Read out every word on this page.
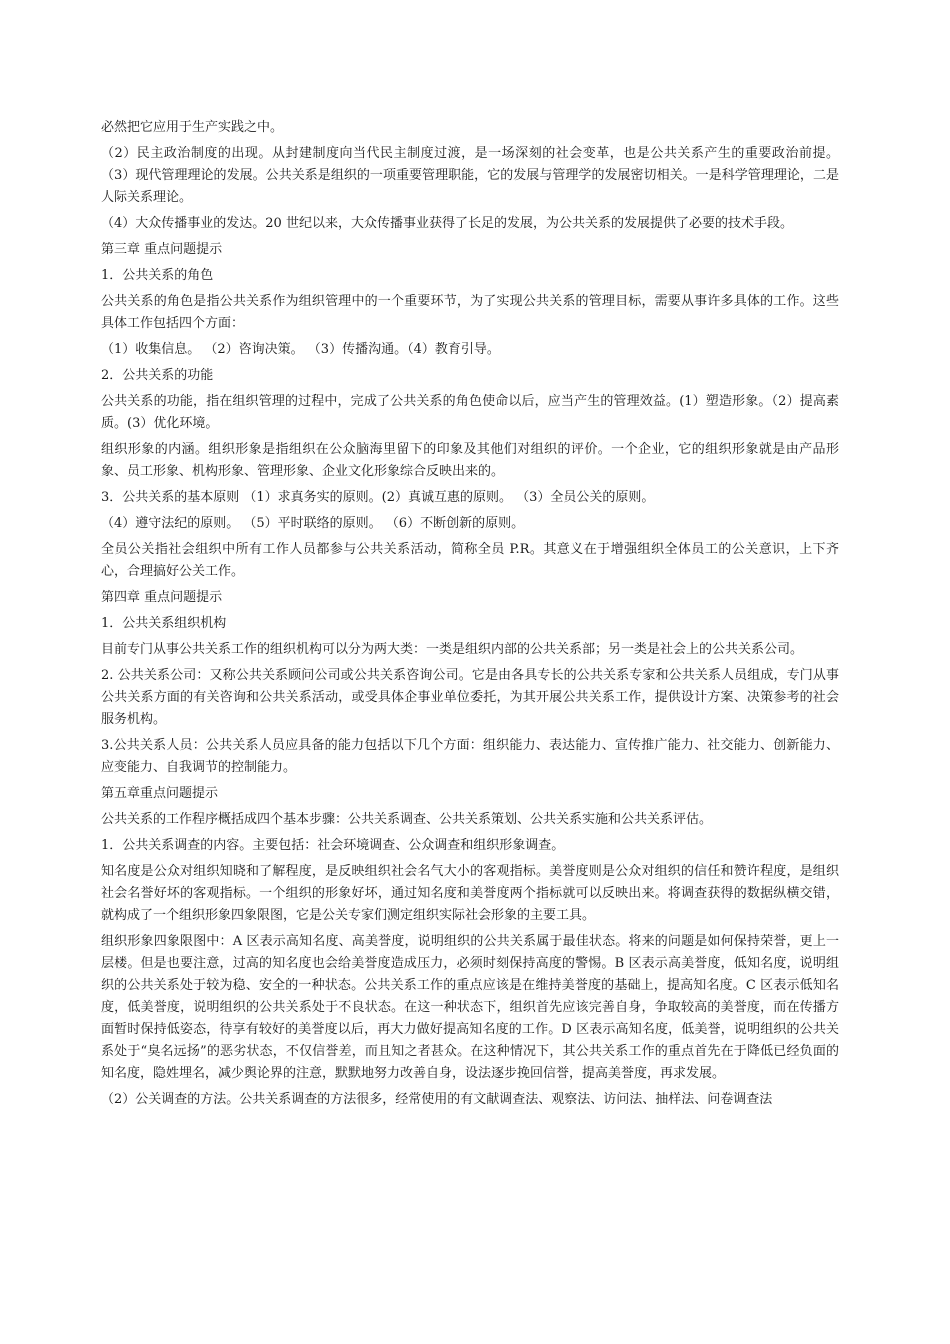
必然把它应用于生产实践之中。

（2）民主政治制度的出现。从封建制度向当代民主制度过渡，是一场深刻的社会变革，也是公共关系产生的重要政治前提。 （3）现代管理理论的发展。公共关系是组织的一项重要管理职能，它的发展与管理学的发展密切相关。一是科学管理理论，二是人际关系理论。

（4）大众传播事业的发达。20 世纪以来，大众传播事业获得了长足的发展，为公共关系的发展提供了必要的技术手段。

第三章 重点问题提示

1．公共关系的角色

公共关系的角色是指公共关系作为组织管理中的一个重要环节，为了实现公共关系的管理目标，需要从事许多具体的工作。这些具体工作包括四个方面：

（1）收集信息。 （2）咨询决策。 （3）传播沟通。（4）教育引导。

2．公共关系的功能

公共关系的功能，指在组织管理的过程中，完成了公共关系的角色使命以后，应当产生的管理效益。(1）塑造形象。（2）提高素质。(3）优化环境。

组织形象的内涵。组织形象是指组织在公众脑海里留下的印象及其他们对组织的评价。一个企业，它的组织形象就是由产品形象、员工形象、机构形象、管理形象、企业文化形象综合反映出来的。

3．公共关系的基本原则 （1）求真务实的原则。(2）真诚互惠的原则。 （3）全员公关的原则。

（4）遵守法纪的原则。 （5）平时联络的原则。 （6）不断创新的原则。

全员公关指社会组织中所有工作人员都参与公共关系活动，简称全员 P.R。其意义在于增强组织全体员工的公关意识，上下齐心，合理搞好公关工作。

第四章 重点问题提示

1．公共关系组织机构

目前专门从事公共关系工作的组织机构可以分为两大类：一类是组织内部的公共关系部；另一类是社会上的公共关系公司。

2. 公共关系公司：又称公共关系顾问公司或公共关系咨询公司。它是由各具专长的公共关系专家和公共关系人员组成，专门从事公共关系方面的有关咨询和公共关系活动，或受具体企事业单位委托，为其开展公共关系工作，提供设计方案、决策参考的社会服务机构。

3.公共关系人员：公共关系人员应具备的能力包括以下几个方面：组织能力、表达能力、宣传推广能力、社交能力、创新能力、应变能力、自我调节的控制能力。

第五章重点问题提示

公共关系的工作程序概括成四个基本步骤：公共关系调查、公共关系策划、公共关系实施和公共关系评估。

1．公共关系调查的内容。主要包括：社会环境调查、公众调查和组织形象调查。

知名度是公众对组织知晓和了解程度，是反映组织社会名气大小的客观指标。美誉度则是公众对组织的信任和赞许程度，是组织社会名誉好坏的客观指标。一个组织的形象好坏，通过知名度和美誉度两个指标就可以反映出来。将调查获得的数据纵横交错，就构成了一个组织形象四象限图，它是公关专家们测定组织实际社会形象的主要工具。

组织形象四象限图中：A 区表示高知名度、高美誉度，说明组织的公共关系属于最佳状态。将来的问题是如何保持荣誉，更上一层楼。但是也要注意，过高的知名度也会给美誉度造成压力，必须时刻保持高度的警惕。B 区表示高美誉度，低知名度，说明组织的公共关系处于较为稳、安全的一种状态。公共关系工作的重点应该是在维持美誉度的基础上，提高知名度。C 区表示低知名度，低美誉度，说明组织的公共关系处于不良状态。在这一种状态下，组织首先应该完善自身，争取较高的美誉度，而在传播方面暂时保持低姿态，待享有较好的美誉度以后，再大力做好提高知名度的工作。D 区表示高知名度，低美誉，说明组织的公共关系处于“臭名远扬”的恶劣状态，不仅信誉差，而且知之者甚众。在这种情况下，其公共关系工作的重点首先在于降低已经负面的知名度，隐姓埋名，减少舆论界的注意，默默地努力改善自身，设法逐步挽回信誉，提高美誉度，再求发展。

（2）公关调查的方法。公共关系调查的方法很多，经常使用的有文献调查法、观察法、访问法、抽样法、问卷调查法
